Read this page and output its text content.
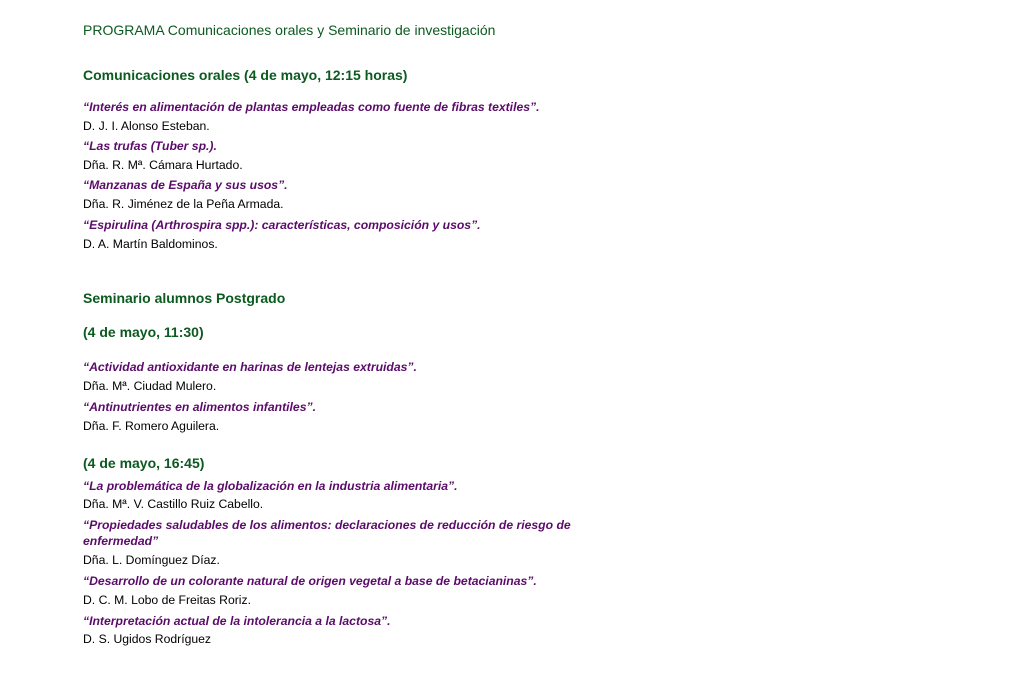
PROGRAMA Comunicaciones orales y Seminario de investigación
Comunicaciones orales (4 de mayo, 12:15 horas)
“Interés en alimentación de plantas empleadas como fuente de fibras textiles”.
D. J. I. Alonso Esteban.
“Las trufas (Tuber sp.).
Dña. R. Mª. Cámara Hurtado.
“Manzanas de España y sus usos”.
Dña. R. Jiménez de la Peña Armada.
“Espirulina (Arthrospira spp.): características, composición y usos”.
D. A. Martín Baldominos.
Seminario alumnos Postgrado
(4 de mayo, 11:30)
“Actividad antioxidante en harinas de lentejas extruidas”.
Dña. Mª. Ciudad Mulero.
“Antinutrientes en alimentos infantiles”.
Dña. F. Romero Aguilera.
(4 de mayo, 16:45)
“La problemática de la globalización en la industria alimentaria”.
Dña. Mª. V. Castillo Ruiz Cabello.
“Propiedades saludables de los alimentos: declaraciones de reducción de riesgo de enfermedad”
Dña. L. Domínguez Díaz.
“Desarrollo de un colorante natural de origen vegetal a base de betacianinas”.
D. C. M. Lobo de Freitas Roriz.
“Interpretación actual de la intolerancia a la lactosa”.
D. S. Ugidos Rodríguez
